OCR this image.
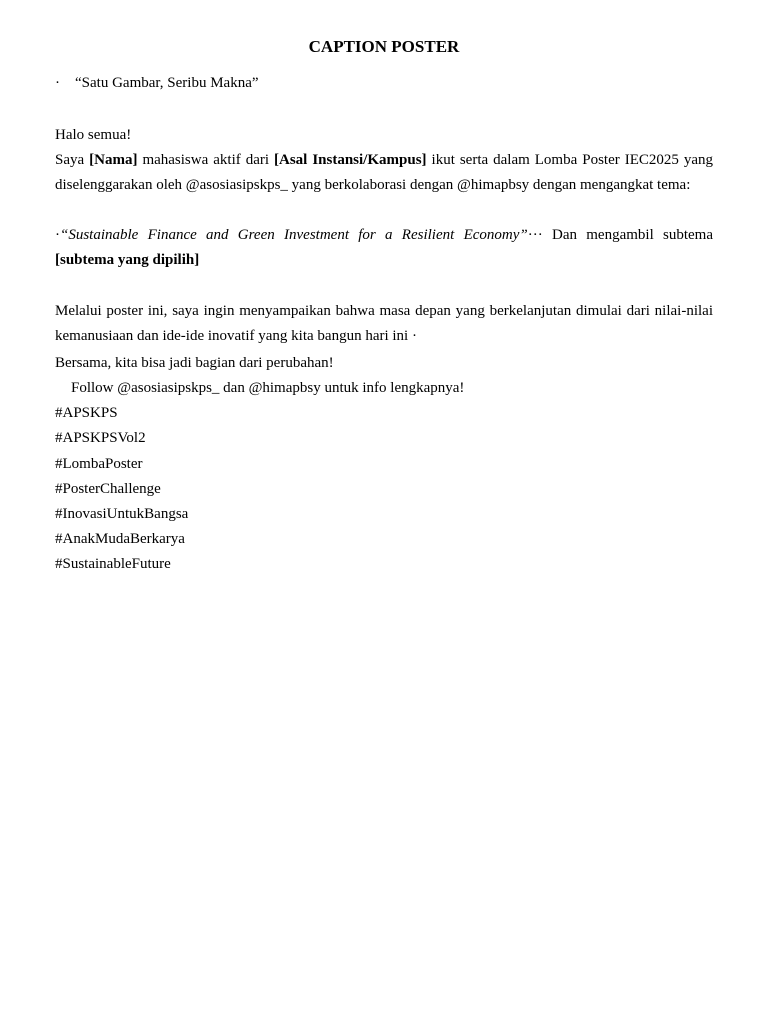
CAPTION POSTER
· “Satu Gambar, Seribu Makna”
Halo semua!

Saya [Nama] mahasiswa aktif dari [Asal Instansi/Kampus] ikut serta dalam Lomba Poster IEC2025 yang diselenggarakan oleh @asosiasipskps_ yang berkolaborasi dengan @himapbsy dengan mengangkat tema:

·“Sustainable Finance and Green Investment for a Resilient Economy”··· Dan mengambil subtema [subtema yang dipilih]

Melalui poster ini, saya ingin menyampaikan bahwa masa depan yang berkelanjutan dimulai dari nilai-nilai kemanusiaan dan ide-ide inovatif yang kita bangun hari ini ·

Bersama, kita bisa jadi bagian dari perubahan!
Follow @asosiasipskps_ dan @himapbsy untuk info lengkapnya!
#APSKPS
#APSKPSVol2
#LombaPoster
#PosterChallenge
#InovasiUntukBangsa
#AnakMudaBerkarya
#SustainableFuture
